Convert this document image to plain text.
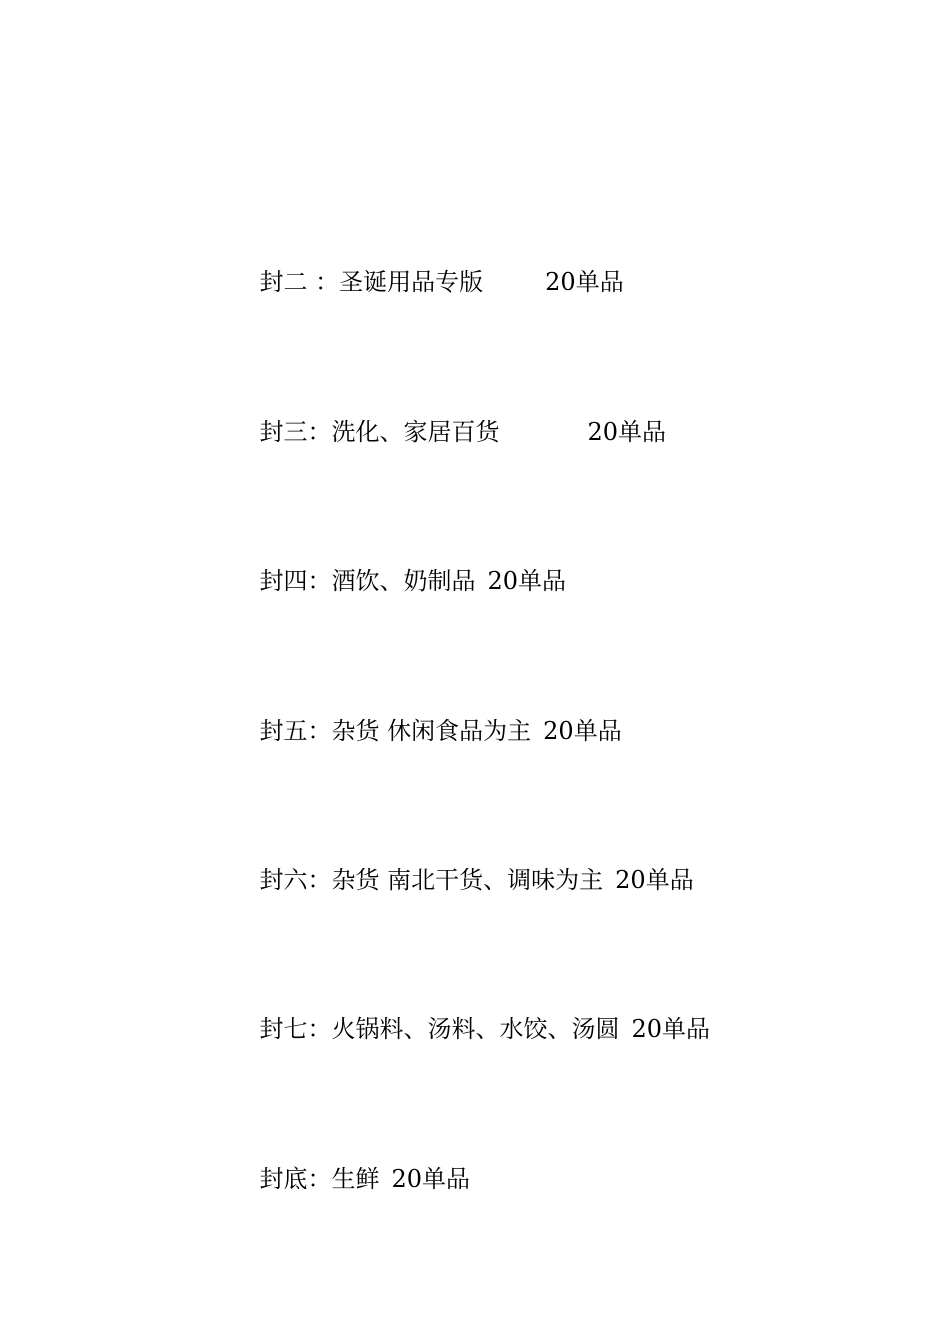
封二 ：圣诞用品专版	20单品

封三：洗化、家居百货	20单品

封四：酒饮、奶制品 20单品

封五：杂货 休闲食品为主 20单品

封六：杂货 南北干货、调味为主 20单品

封七：火锅料、汤料、水饺、汤圆 20单品

封底：生鲜 20单品
